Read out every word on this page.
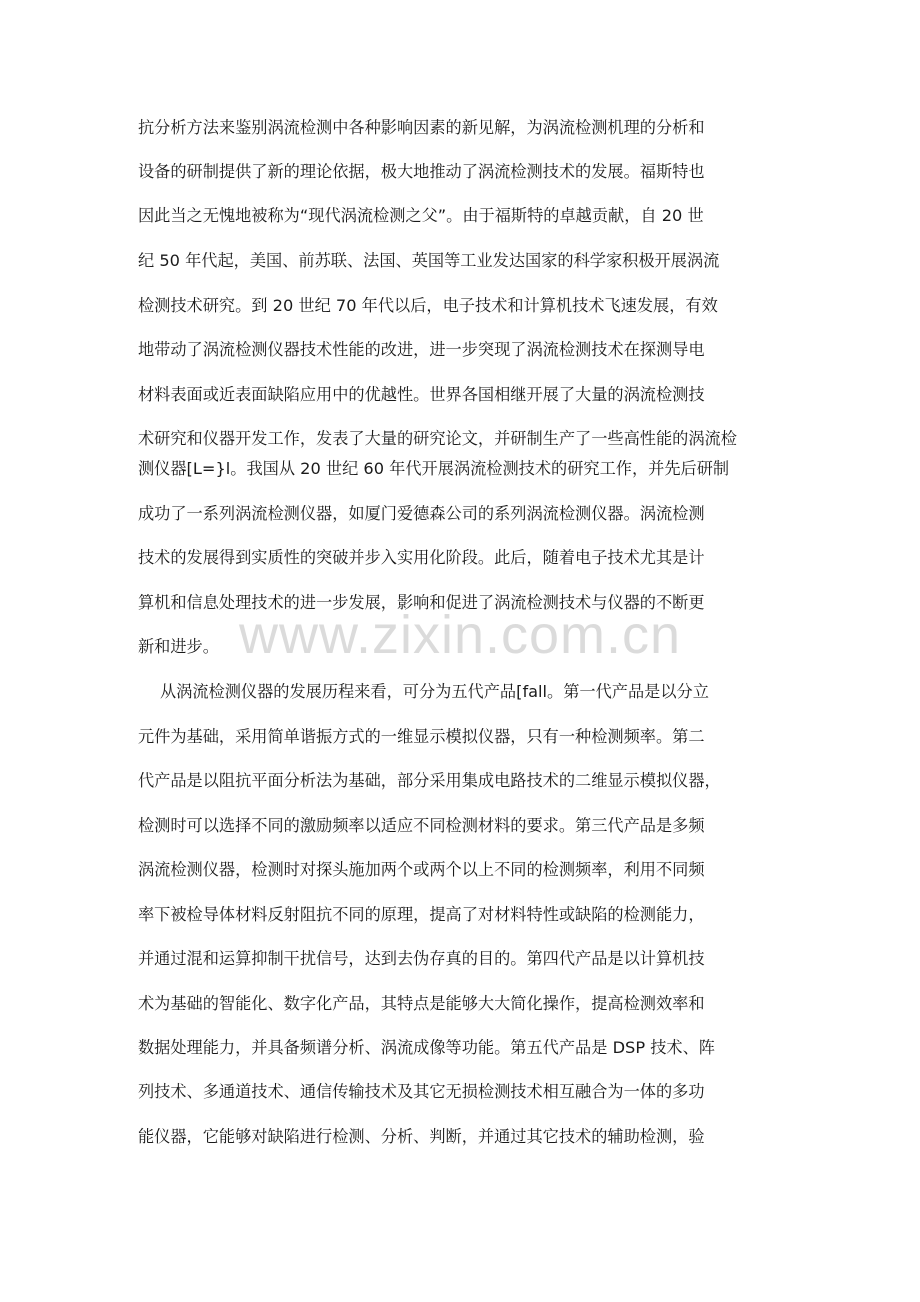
抗分析方法来鉴别涡流检测中各种影响因素的新见解，为涡流检测机理的分析和
设备的研制提供了新的理论依据，极大地推动了涡流检测技术的发展。福斯特也
因此当之无愧地被称为“现代涡流检测之父”。由于福斯特的卓越贡献，自 20 世
纪 50 年代起，美国、前苏联、法国、英国等工业发达国家的科学家积极开展涡流
检测技术研究。到 20 世纪 70 年代以后，电子技术和计算机技术飞速发展，有效
地带动了涡流检测仪器技术性能的改进，进一步突现了涡流检测技术在探测导电
材料表面或近表面缺陷应用中的优越性。世界各国相继开展了大量的涡流检测技
术研究和仪器开发工作，发表了大量的研究论文，并研制生产了一些高性能的涡流检
测仪器[L=}l。我国从 20 世纪 60 年代开展涡流检测技术的研究工作，并先后研制
成功了一系列涡流检测仪器，如厦门爱德森公司的系列涡流检测仪器。涡流检测
技术的发展得到实质性的突破并步入实用化阶段。此后，随着电子技术尤其是计
算机和信息处理技术的进一步发展，影响和促进了涡流检测技术与仪器的不断更
新和进步。
从涡流检测仪器的发展历程来看，可分为五代产品[fall。第一代产品是以分立
元件为基础，采用简单谐振方式的一维显示模拟仪器，只有一种检测频率。第二
代产品是以阻抗平面分析法为基础，部分采用集成电路技术的二维显示模拟仪器，
检测时可以选择不同的激励频率以适应不同检测材料的要求。第三代产品是多频
涡流检测仪器，检测时对探头施加两个或两个以上不同的检测频率，利用不同频
率下被检导体材料反射阻抗不同的原理，提高了对材料特性或缺陷的检测能力，
并通过混和运算抑制干扰信号，达到去伪存真的目的。第四代产品是以计算机技
术为基础的智能化、数字化产品，其特点是能够大大简化操作，提高检测效率和
数据处理能力，并具备频谱分析、涡流成像等功能。第五代产品是 DSP 技术、阵
列技术、多通道技术、通信传输技术及其它无损检测技术相互融合为一体的多功
能仪器，它能够对缺陷进行检测、分析、判断，并通过其它技术的辅助检测，验
www.zixin.com.cn
